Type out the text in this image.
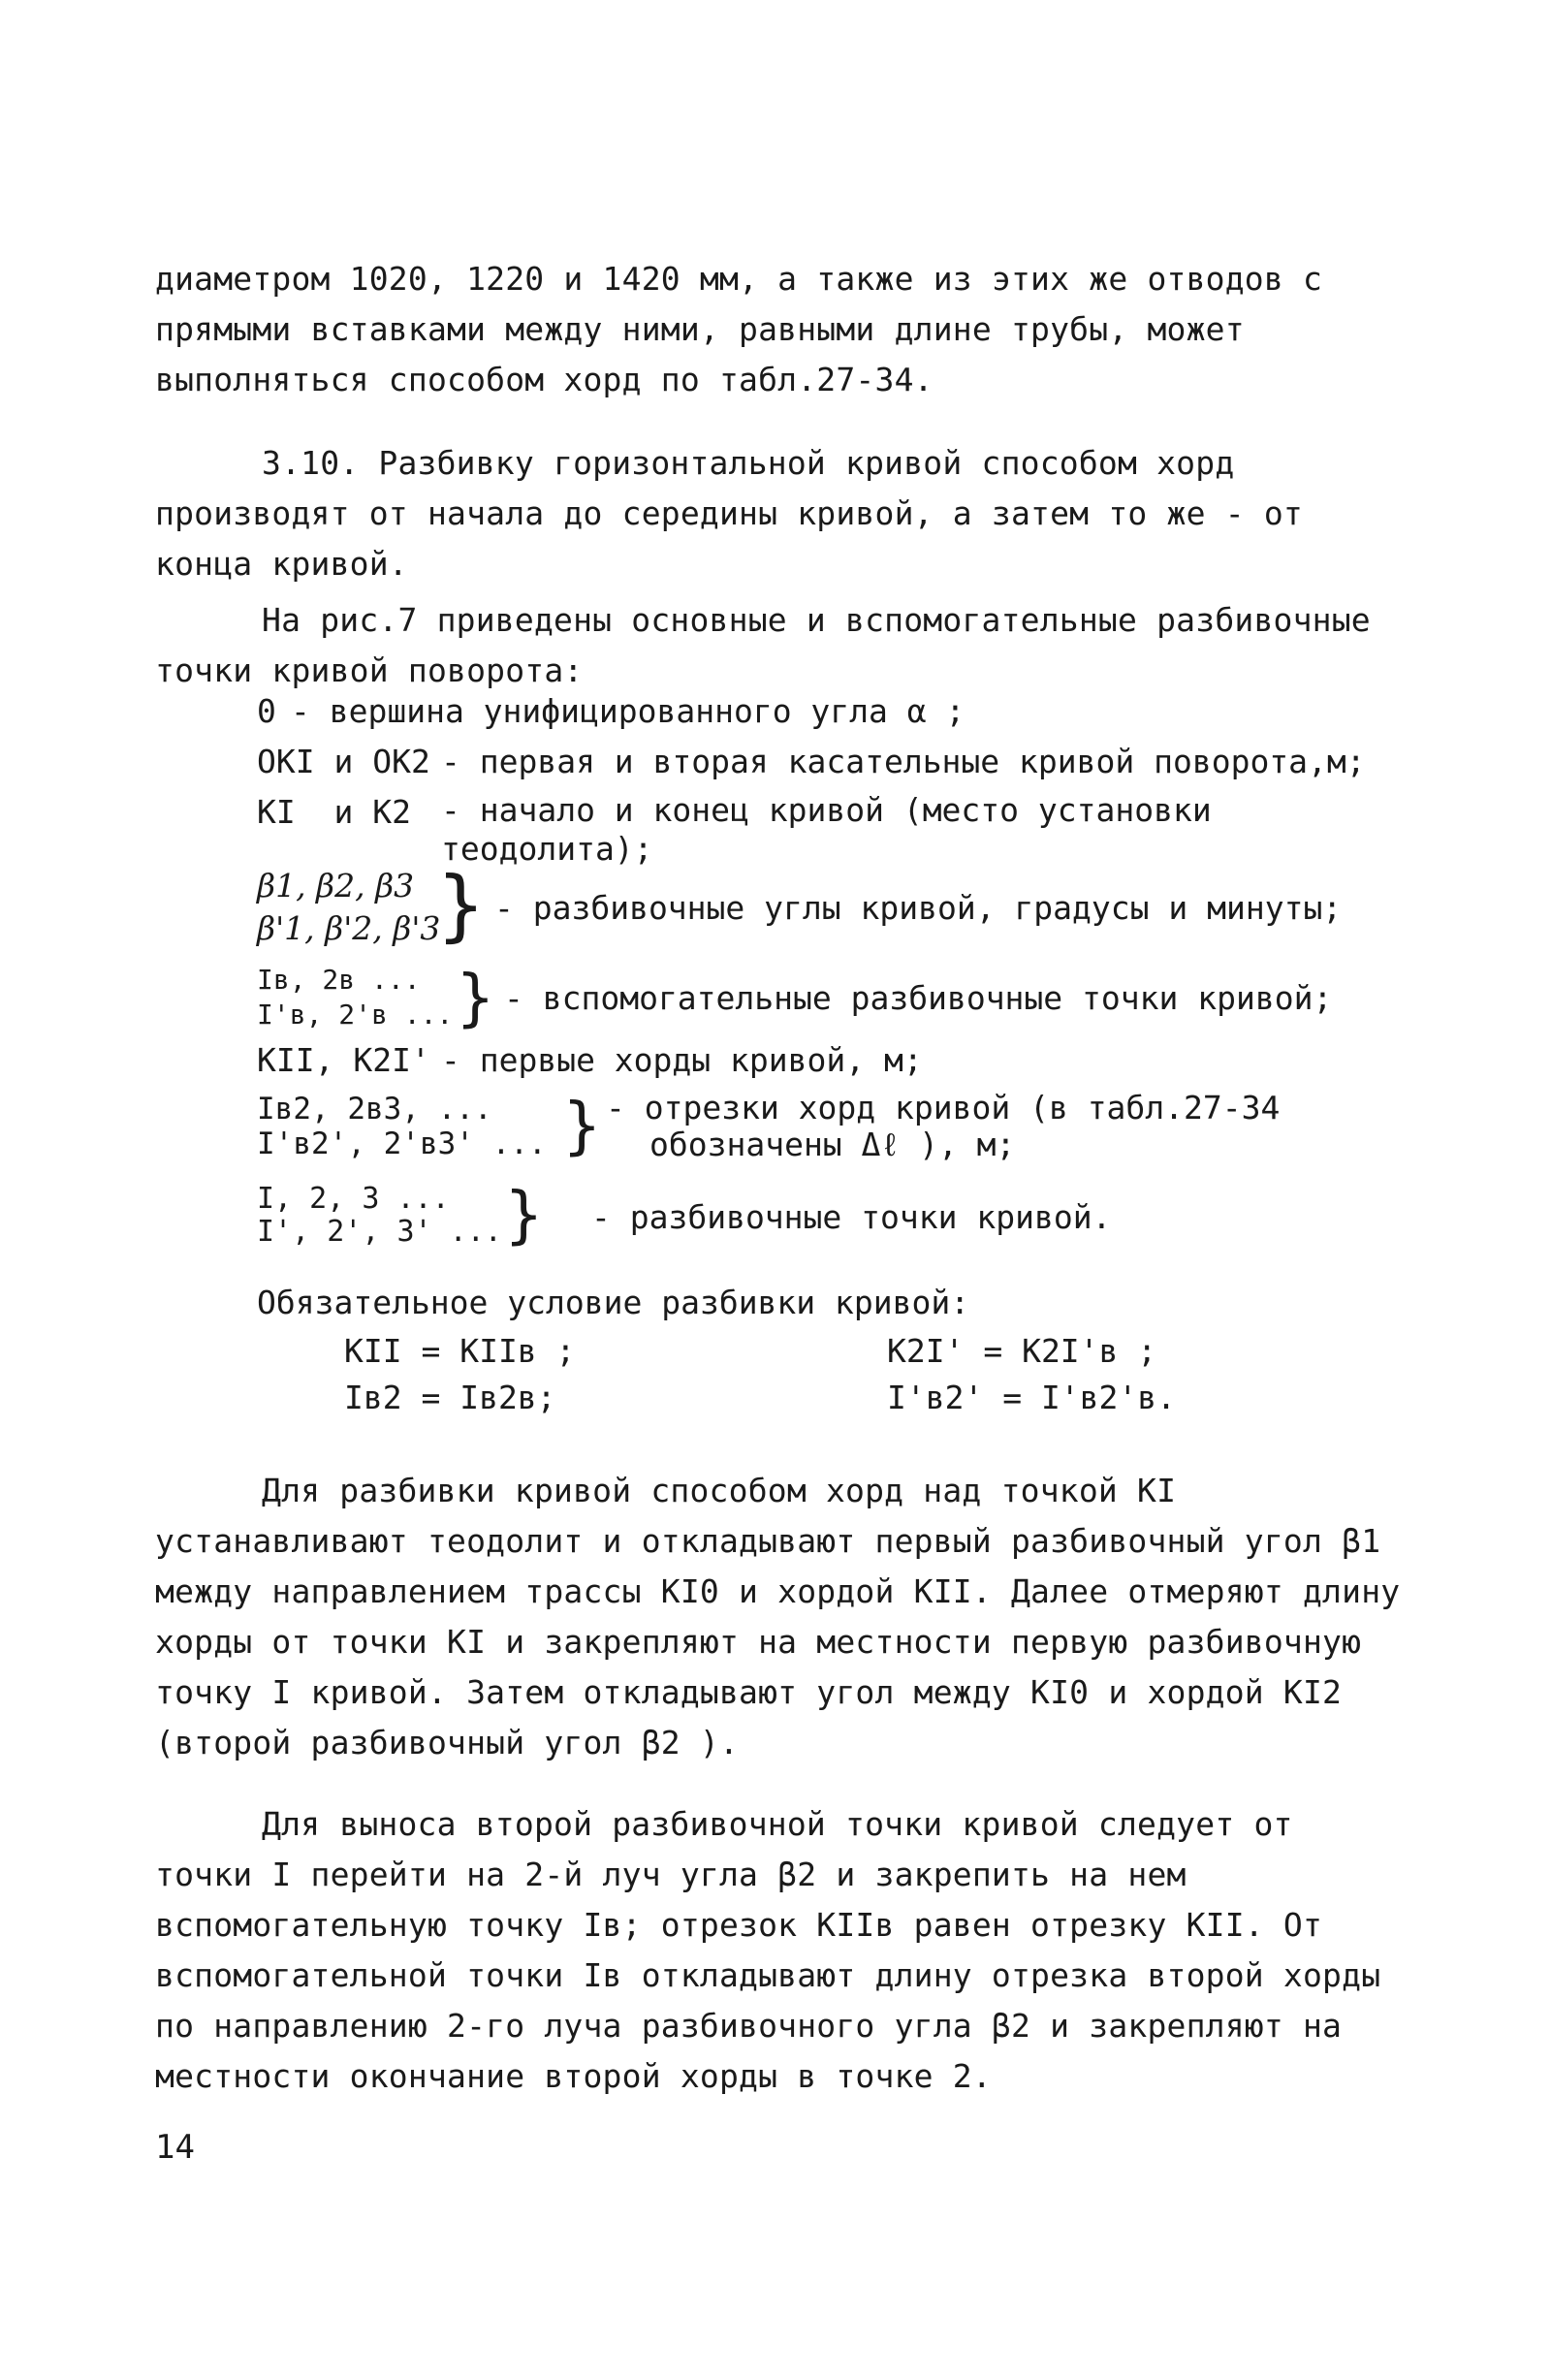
диаметром 1020, 1220 и 1420 мм, а также из этих же отводов с прямыми вставками между ними, равными длине трубы, может выполняться способом хорд по табл.27-34.
3.10. Разбивку горизонтальной кривой способом хорд производят от начала до середины кривой, а затем то же - от конца кривой.
На рис.7 приведены основные и вспомогательные разбивочные точки кривой поворота:
0 - вершина унифицированного угла α ;
ОКI и ОК2 - первая и вторая касательные кривой поворота,м;
КI  и К2 - начало и конец кривой (место установки теодолита);
β1, β2, β3
β'1, β'2, β'3
} - разбивочные углы кривой, градусы и минуты;
Iв, 2в ...
I'в, 2'в ... } - вспомогательные разбивочные точки кривой;
КII, К2I' - первые хорды кривой, м;
Iв2, 2в3, ...
I'в2', 2'в3' ... } - отрезки хорд кривой (в табл.27-34
обозначены Δℓ ), м;
I, 2, 3 ...
I', 2', 3' ... } - разбивочные точки кривой.
Обязательное условие разбивки кривой:
КII = КIIв ;	К2I' = К2I'в ;
Iв2 = Iв2в;	I'в2' = I'в2'в.
Для разбивки кривой способом хорд над точкой КI устанавливают теодолит и откладывают первый разбивочный угол β1 между направлением трассы КI0 и хордой КII. Далее отмеряют длину хорды от точки КI и закрепляют на местности первую разбивочную точку I кривой. Затем откладывают угол между КI0 и хордой КI2 (второй разбивочный угол β2 ).
Для выноса второй разбивочной точки кривой следует от точки I перейти на 2-й луч угла β2 и закрепить на нем вспомогательную точку Iв; отрезок КIIв равен отрезку КII. От вспомогательной точки Iв откладывают длину отрезка второй хорды по направлению 2-го луча разбивочного угла β2 и закрепляют на местности окончание второй хорды в точке 2.
14
